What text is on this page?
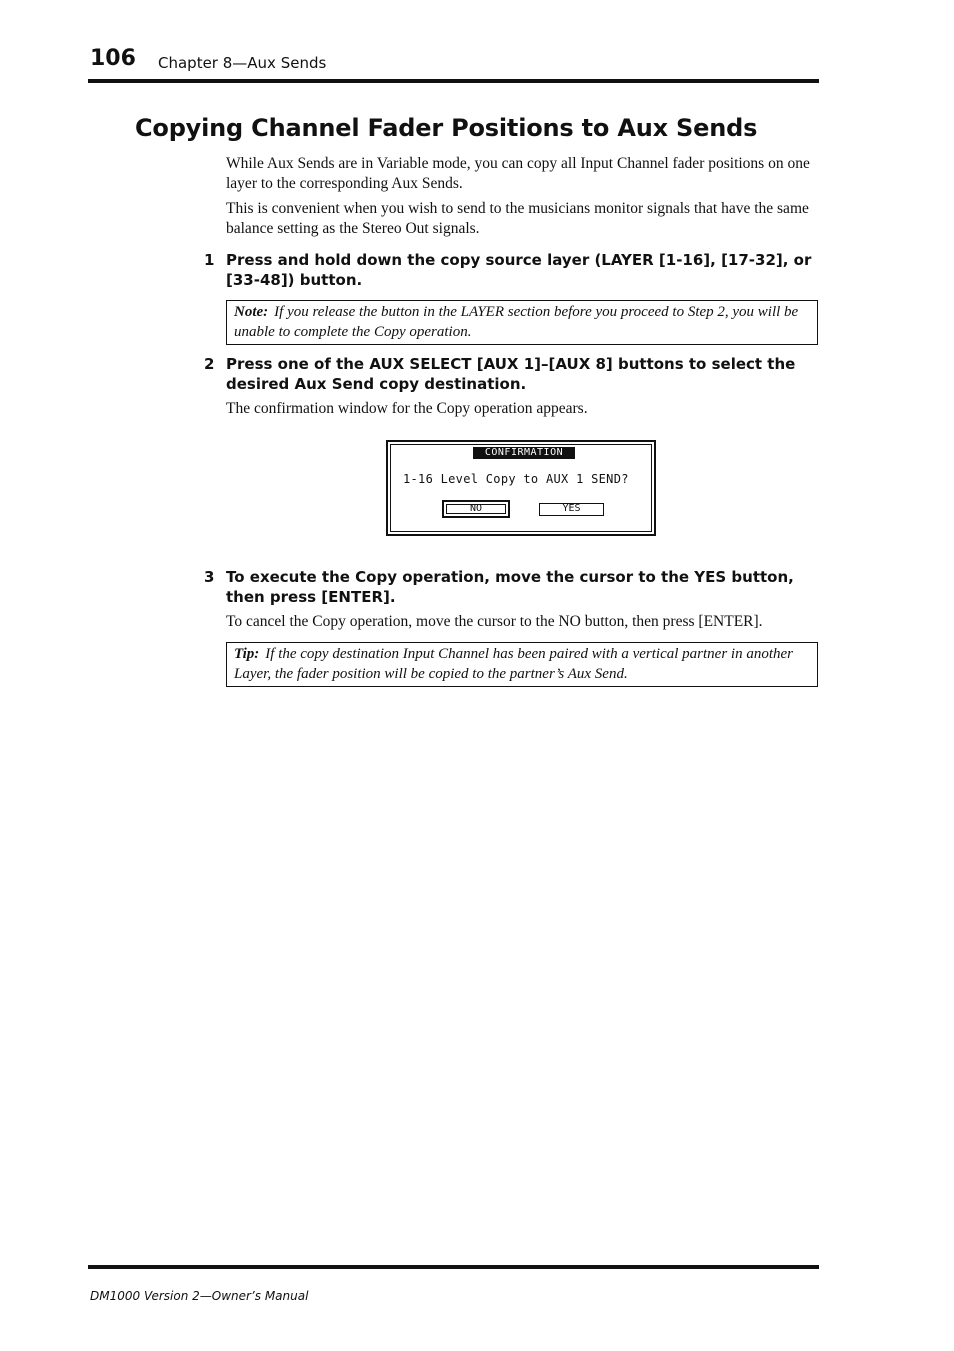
106 Chapter 8—Aux Sends
Copying Channel Fader Positions to Aux Sends
While Aux Sends are in Variable mode, you can copy all Input Channel fader positions on one layer to the corresponding Aux Sends.
This is convenient when you wish to send to the musicians monitor signals that have the same balance setting as the Stereo Out signals.
1 Press and hold down the copy source layer (LAYER [1-16], [17-32], or [33-48]) button.
Note: If you release the button in the LAYER section before you proceed to Step 2, you will be unable to complete the Copy operation.
2 Press one of the AUX SELECT [AUX 1]–[AUX 8] buttons to select the desired Aux Send copy destination.
The confirmation window for the Copy operation appears.
CONFIRMATION
1-16 Level Copy to AUX 1 SEND?
NO	YES
3 To execute the Copy operation, move the cursor to the YES button, then press [ENTER].
To cancel the Copy operation, move the cursor to the NO button, then press [ENTER].
Tip: If the copy destination Input Channel has been paired with a vertical partner in another Layer, the fader position will be copied to the partner’s Aux Send.
DM1000 Version 2—Owner’s Manual
